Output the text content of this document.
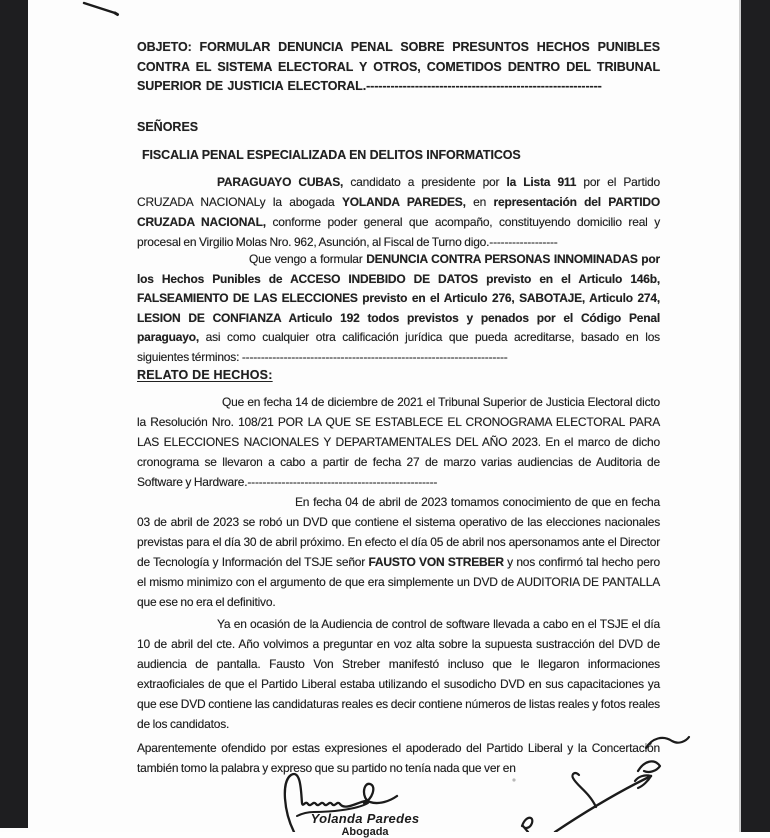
OBJETO: FORMULAR DENUNCIA PENAL SOBRE PRESUNTOS HECHOS PUNIBLES CONTRA EL SISTEMA ELECTORAL Y OTROS, COMETIDOS DENTRO DEL TRIBUNAL SUPERIOR DE JUSTICIA ELECTORAL.----------------------------------------------------------
SEÑORES
FISCALIA PENAL ESPECIALIZADA EN DELITOS INFORMATICOS

PARAGUAYO CUBAS, candidato a presidente por la Lista 911 por el Partido CRUZADA NACIONALy la abogada YOLANDA PAREDES, en representación del PARTIDO CRUZADA NACIONAL, conforme poder general que acompaño, constituyendo domicilio real y procesal en Virgilio Molas Nro. 962, Asunción, al Fiscal de Turno digo.------------------

Que vengo a formular DENUNCIA CONTRA PERSONAS INNOMINADAS por los Hechos Punibles de ACCESO INDEBIDO DE DATOS previsto en el Articulo 146b, FALSEAMIENTO DE LAS ELECCIONES previsto en el Articulo 276, SABOTAJE, Articulo 274, LESION DE CONFIANZA Articulo 192 todos previstos y penados por el Código Penal paraguayo, asi como cualquier otra calificación jurídica que pueda acreditarse, basado en los siguientes términos: ----------------------------------------------------------------------

RELATO DE HECHOS:

Que en fecha 14 de diciembre de 2021 el Tribunal Superior de Justicia Electoral dicto la Resolución Nro. 108/21 POR LA QUE SE ESTABLECE EL CRONOGRAMA ELECTORAL PARA LAS ELECCIONES NACIONALES Y DEPARTAMENTALES DEL AÑO 2023. En el marco de dicho cronograma se llevaron a cabo a partir de fecha 27 de marzo varias audiencias de Auditoria de Software y Hardware.--------------------------------------------------

En fecha 04 de abril de 2023 tomamos conocimiento de que en fecha 03 de abril de 2023 se robó un DVD que contiene el sistema operativo de las elecciones nacionales previstas para el día 30 de abril próximo. En efecto el día 05 de abril nos apersonamos ante el Director de Tecnología y Información del TSJE señor FAUSTO VON STREBER y nos confirmó tal hecho pero el mismo minimizo con el argumento de que era simplemente un DVD de AUDITORIA DE PANTALLA que ese no era el definitivo.

Ya en ocasión de la Audiencia de control de software llevada a cabo en el TSJE el día 10 de abril del cte. Año volvimos a preguntar en voz alta sobre la supuesta sustracción del DVD de audiencia de pantalla. Fausto Von Streber manifestó incluso que le llegaron informaciones extraoficiales de que el Partido Liberal estaba utilizando el susodicho DVD en sus capacitaciones ya que ese DVD contiene las candidaturas reales es decir contiene números de listas reales y fotos reales de los candidatos.

Aparentemente ofendido por estas expresiones el apoderado del Partido Liberal y la Concertación también tomo la palabra y expreso que su partido no tenía nada que ver en

Yolanda Paredes
Abogada
